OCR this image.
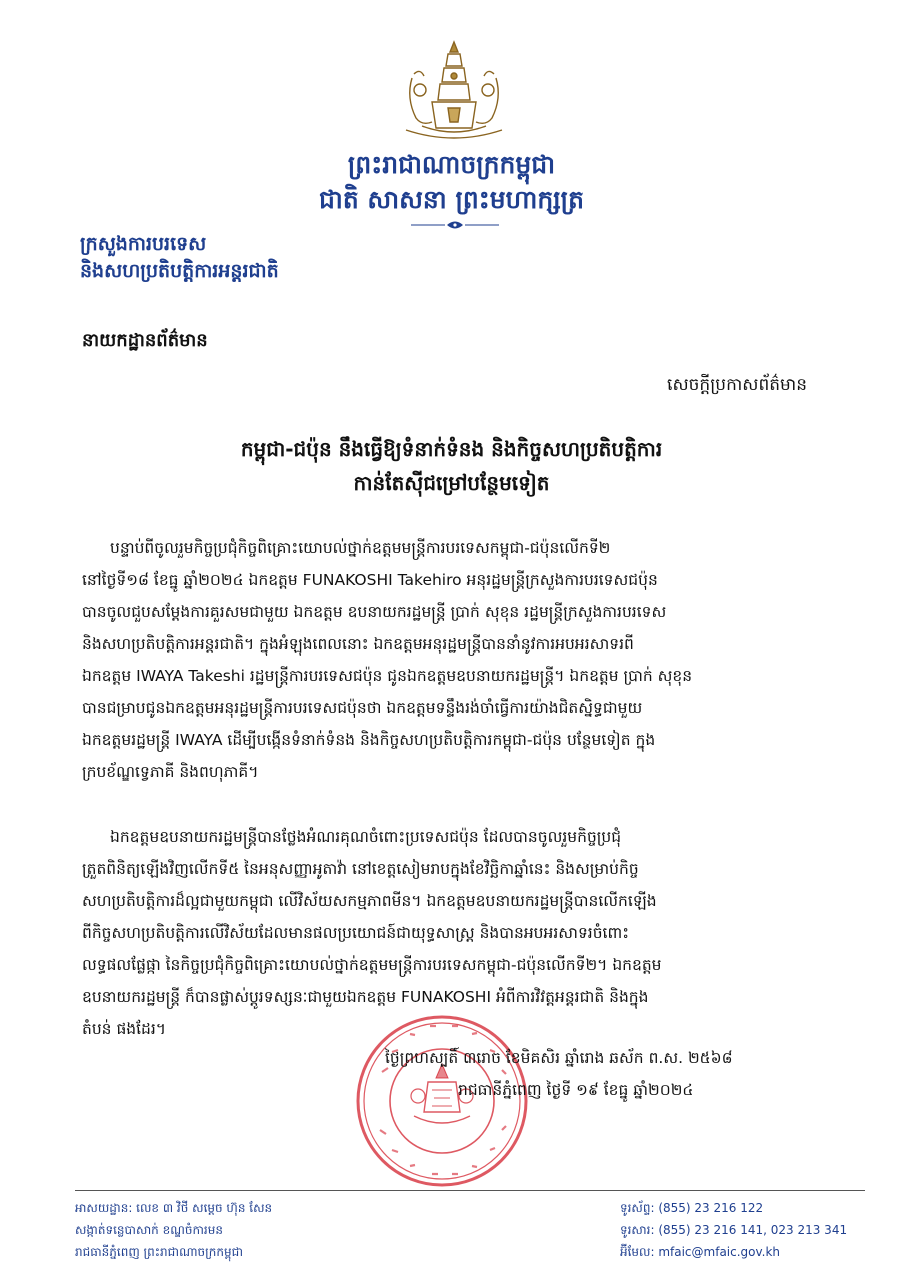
ព្រះរាជាណាចក្រកម្ពុជា
ជាតិ សាសនា ព្រះមហាក្សត្រ
ក្រសួងការបរទេស
និងសហប្រតិបត្តិការអន្តរជាតិ
នាយកដ្ឋានព័ត៌មាន
សេចក្តីប្រកាសព័ត៌មាន
កម្ពុជា-ជប៉ុន នឹងធ្វើឱ្យទំនាក់ទំនង និងកិច្ចសហប្រតិបត្តិការ
កាន់តែស៊ីជម្រៅបន្ថែមទៀត
បន្ទាប់ពីចូលរួមកិច្ចប្រជុំកិច្ចពិគ្រោះយោបល់ថ្នាក់ឧត្តមមន្ត្រីការបរទេសកម្ពុជា-ជប៉ុនលើកទី២
នៅថ្ងៃទី១៨ ខែធ្នូ ឆ្នាំ២០២៤ ឯកឧត្តម FUNAKOSHI Takehiro អនុរដ្ឋមន្ត្រីក្រសួងការបរទេសជប៉ុន
បានចូលជួបសម្តែងការគួរសមជាមួយ ឯកឧត្តម ឧបនាយករដ្ឋមន្ត្រី ប្រាក់ សុខុន រដ្ឋមន្ត្រីក្រសួងការបរទេស
និងសហប្រតិបត្តិការអន្តរជាតិ។ ក្នុងអំឡុងពេលនោះ ឯកឧត្តមអនុរដ្ឋមន្ត្រីបាននាំនូវការអបអរសាទរពី
ឯកឧត្តម IWAYA Takeshi រដ្ឋមន្ត្រីការបរទេសជប៉ុន ជូនឯកឧត្តមឧបនាយករដ្ឋមន្ត្រី។ ឯកឧត្តម ប្រាក់ សុខុន
បានជម្រាបជូនឯកឧត្តមអនុរដ្ឋមន្ត្រីការបរទេសជប៉ុនថា ឯកឧត្តមទន្ទឹងរង់ចាំធ្វើការយ៉ាងជិតស្និទ្ធជាមួយ
ឯកឧត្តមរដ្ឋមន្ត្រី IWAYA ដើម្បីបង្កើនទំនាក់ទំនង និងកិច្ចសហប្រតិបត្តិការកម្ពុជា-ជប៉ុន បន្ថែមទៀត ក្នុង
ក្របខ័ណ្ឌទ្វេភាគី និងពហុភាគី។
ឯកឧត្តមឧបនាយករដ្ឋមន្ត្រីបានថ្លែងអំណរគុណចំពោះប្រទេសជប៉ុន ដែលបានចូលរួមកិច្ចប្រជុំ
ត្រួតពិនិត្យឡើងវិញលើកទី៥ នៃអនុសញ្ញាអូតាវ៉ា នៅខេត្តសៀមរាបក្នុងខែវិច្ឆិកាឆ្នាំនេះ និងសម្រាប់កិច្ច
សហប្រតិបត្តិការដ៏ល្អជាមួយកម្ពុជា លើវិស័យសកម្មភាពមីន។ ឯកឧត្តមឧបនាយករដ្ឋមន្ត្រីបានលើកឡើង
ពីកិច្ចសហប្រតិបត្តិការលើវិស័យដែលមានផលប្រយោជន៍ជាយុទ្ធសាស្ត្រ និងបានអបអរសាទរចំពោះ
លទ្ធផលផ្លែផ្កា នៃកិច្ចប្រជុំកិច្ចពិគ្រោះយោបល់ថ្នាក់ឧត្តមមន្ត្រីការបរទេសកម្ពុជា-ជប៉ុនលើកទី២។ ឯកឧត្តម
ឧបនាយករដ្ឋមន្ត្រី ក៏បានផ្លាស់ប្តូរទស្សនៈជាមួយឯកឧត្តម FUNAKOSHI អំពីការវិវត្តអន្តរជាតិ និងក្នុង
តំបន់ ផងដែរ។
ថ្ងៃព្រហស្បតិ៍ ៣រោច ខែមិគសិរ ឆ្នាំរោង ឆស័ក ព.ស. ២៥៦៨
រាជធានីភ្នំពេញ ថ្ងៃទី ១៩ ខែធ្នូ ឆ្នាំ២០២៤
អាសយដ្ឋាន: លេខ ៣ វិថី សម្តេច ហ៊ុន សែន
សង្កាត់ទន្លេបាសាក់ ខណ្ឌចំការមន
រាជធានីភ្នំពេញ ព្រះរាជាណាចក្រកម្ពុជា
ទូរស័ព្ទ: (855) 23 216 122
ទូរសារ: (855) 23 216 141, 023 213 341
អ៊ីមែល: mfaic@mfaic.gov.kh
